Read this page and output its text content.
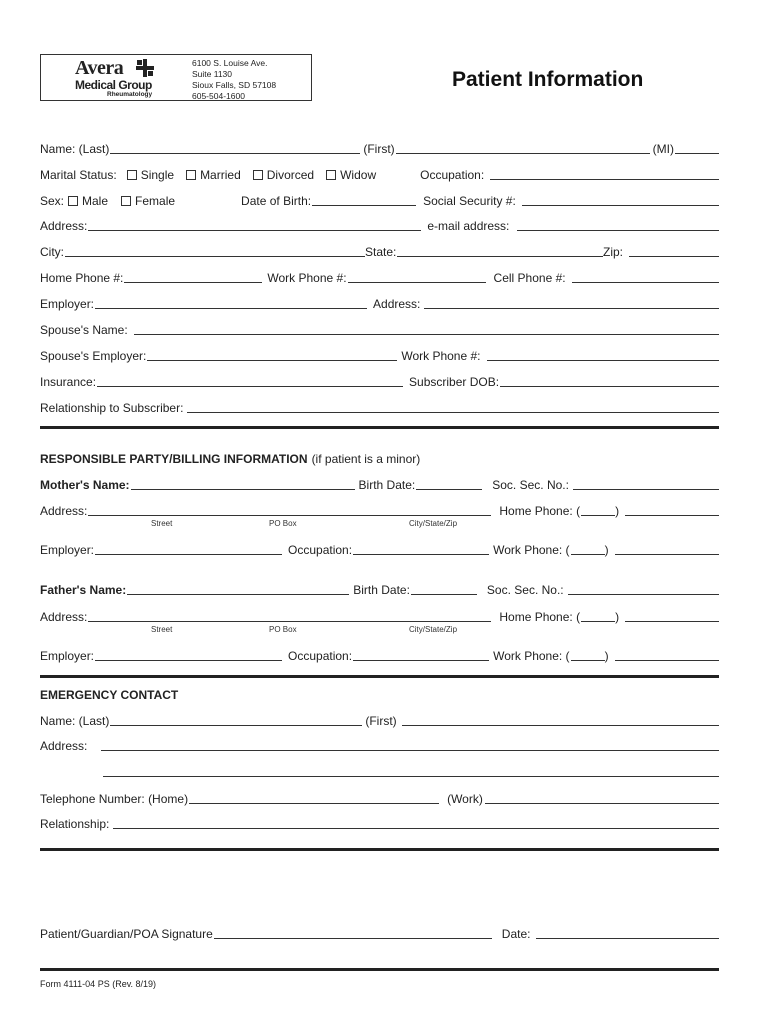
Avera
Medical Group
Rheumatology
6100 S. Louise Ave.
Suite 1130
Sioux Falls, SD 57108
605-504-1600
Patient Information
Name: (Last)	(First)	(MI)
Marital Status: Single Married Divorced Widow	Occupation:
Sex: Male Female	Date of Birth:	Social Security #:
Address:	e-mail address:
City:	State:	Zip:
Home Phone #:	Work Phone #:	Cell Phone #:
Employer:	Address:
Spouse's Name:
Spouse's Employer:	Work Phone #:
Insurance:	Subscriber DOB:
Relationship to Subscriber:
RESPONSIBLE PARTY/BILLING INFORMATION (if patient is a minor)
Mother's Name:	Birth Date:	Soc. Sec. No.:
Address:	Home Phone: (	)
Street	PO Box	City/State/Zip
Employer:	Occupation:	Work Phone: (	)
Father's Name:	Birth Date:	Soc. Sec. No.:
Address:	Home Phone: (	)
Street	PO Box	City/State/Zip
Employer:	Occupation:	Work Phone: (	)
EMERGENCY CONTACT
Name: (Last)	(First)
Address:
Telephone Number: (Home)	(Work)
Relationship:
Patient/Guardian/POA Signature	Date:
Form 4111-04 PS (Rev. 8/19)
